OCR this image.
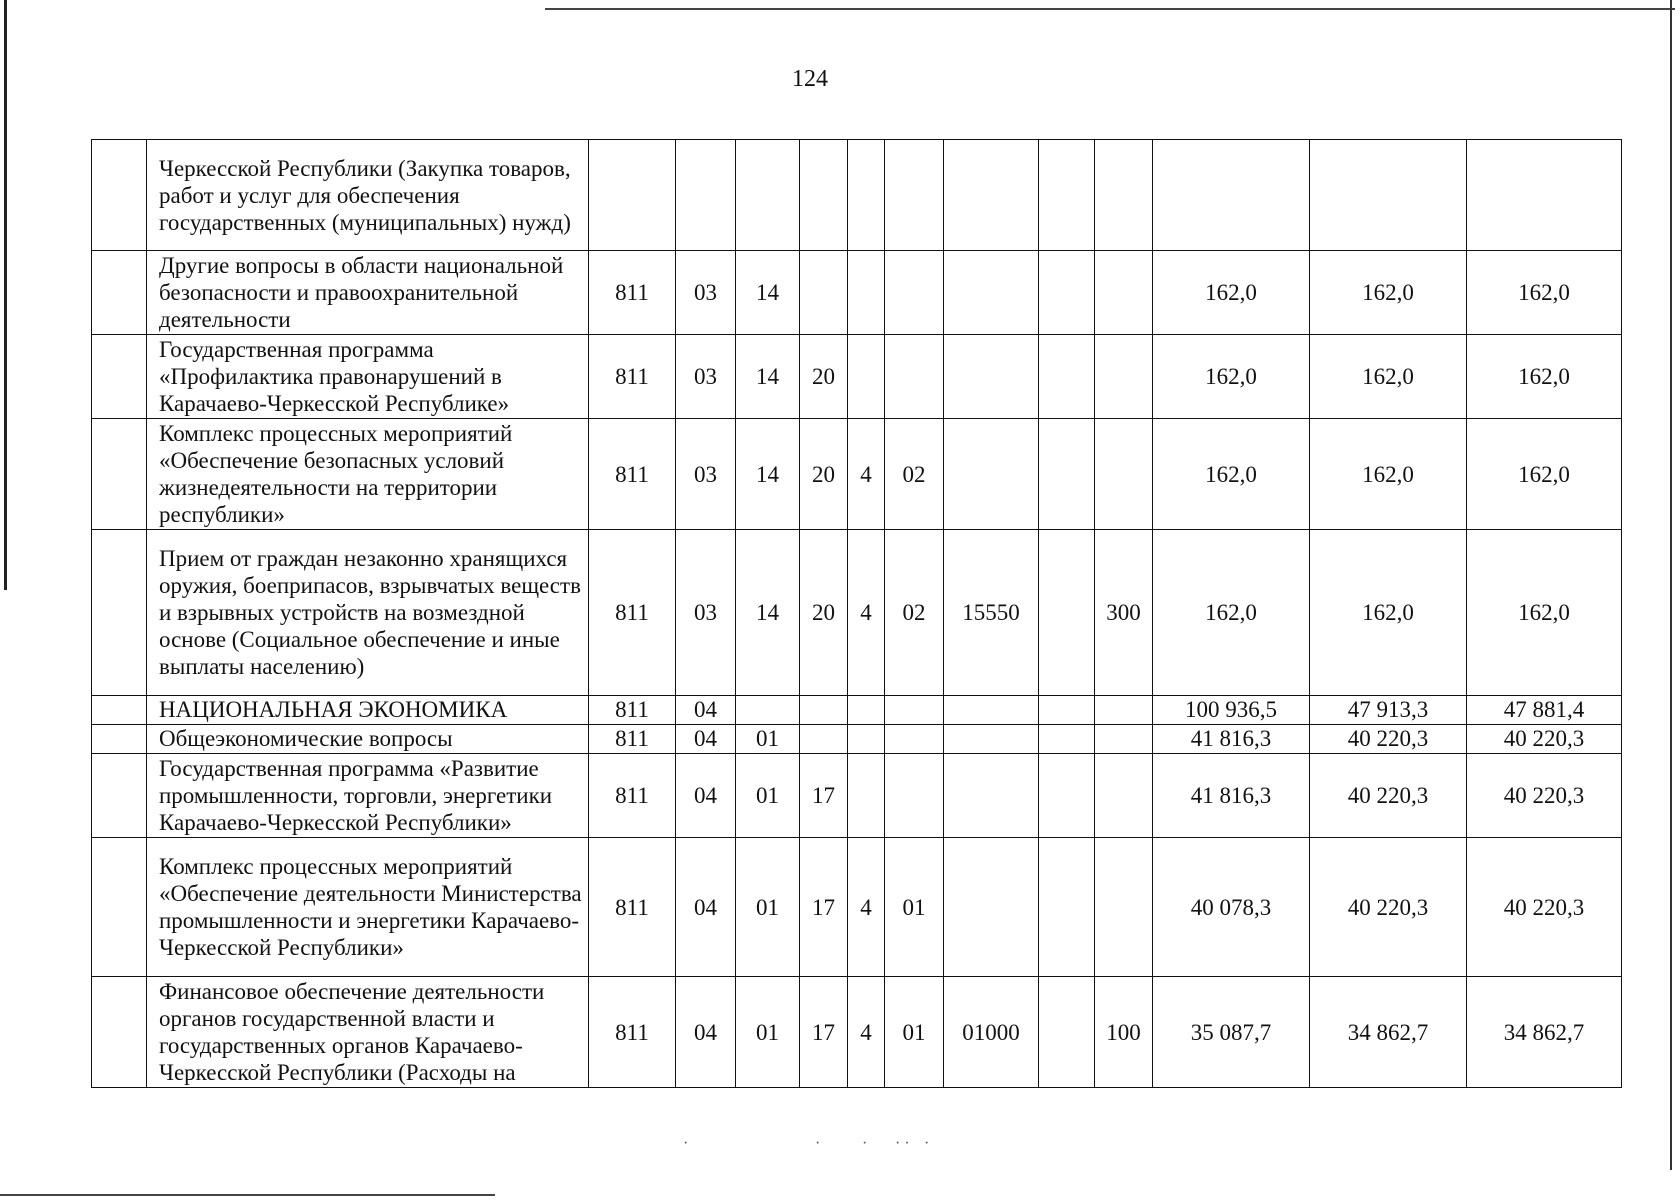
124
	Черкесской Республики (Закупка товаров, работ и услуг для обеспечения государственных (муниципальных) нужд)												
	Другие вопросы в области национальной безопасности и правоохранительной деятельности	811	03	14							162,0	162,0	162,0
	Государственная программа «Профилактика правонарушений в Карачаево-Черкесской Республике»	811	03	14	20						162,0	162,0	162,0
	Комплекс процессных мероприятий «Обеспечение безопасных условий жизнедеятельности на территории республики»	811	03	14	20	4	02				162,0	162,0	162,0
	Прием от граждан незаконно хранящихся оружия, боеприпасов, взрывчатых веществ и взрывных устройств на возмездной основе (Социальное обеспечение и иные выплаты населению)	811	03	14	20	4	02	15550		300	162,0	162,0	162,0
	НАЦИОНАЛЬНАЯ ЭКОНОМИКА	811	04								100 936,5	47 913,3	47 881,4
	Общеэкономические вопросы	811	04	01							41 816,3	40 220,3	40 220,3
	Государственная программа «Развитие промышленности, торговли, энергетики Карачаево-Черкесской Республики»	811	04	01	17						41 816,3	40 220,3	40 220,3
	Комплекс процессных мероприятий «Обеспечение деятельности Министерства промышленности и энергетики Карачаево-Черкесской Республики»	811	04	01	17	4	01				40 078,3	40 220,3	40 220,3
	Финансовое обеспечение деятельности органов государственной власти и государственных органов Карачаево-Черкесской Республики (Расходы на	811	04	01	17	4	01	01000		100	35 087,7	34 862,7	34 862,7
·	·	· · · ·
